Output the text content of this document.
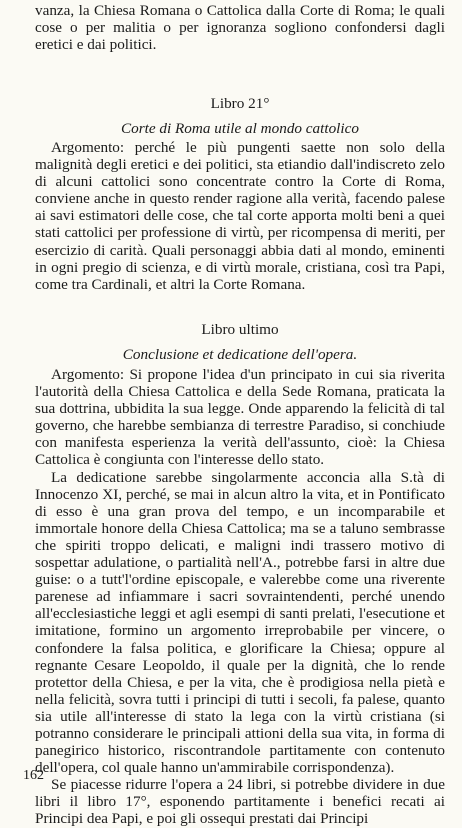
vanza, la Chiesa Romana o Cattolica dalla Corte di Roma; le quali cose o per malitia o per ignoranza sogliono confondersi dagli eretici e dai politici.

Libro 21°
Corte di Roma utile al mondo cattolico

Argomento: perché le più pungenti saette non solo della malignità degli eretici e dei politici, sta etiandio dall'indiscreto zelo di alcuni cattolici sono concentrate contro la Corte di Roma, conviene anche in questo render ragione alla verità, facendo palese ai savi estimatori delle cose, che tal corte apporta molti beni a quei stati cattolici per professione di virtù, per ricompensa di meriti, per esercizio di carità. Quali personaggi abbia dati al mondo, eminenti in ogni pregio di scienza, e di virtù morale, cristiana, così tra Papi, come tra Cardinali, et altri la Corte Romana.

Libro ultimo
Conclusione et dedicatione dell'opera.

Argomento: Si propone l'idea d'un principato in cui sia riverita l'autorità della Chiesa Cattolica e della Sede Romana, praticata la sua dottrina, ubbidita la sua legge. Onde apparendo la felicità di tal governo, che harebbe sembianza di terrestre Paradiso, si conchiude con manifesta esperienza la verità dell'assunto, cioè: la Chiesa Cattolica è congiunta con l'interesse dello stato.

La dedicatione sarebbe singolarmente acconcia alla S.tà di Innocenzo XI, perché, se mai in alcun altro la vita, et in Pontificato di esso è una gran prova del tempo, e un incomparabile et immortale honore della Chiesa Cattolica; ma se a taluno sembrasse che spiriti troppo delicati, e maligni indi trassero motivo di sospettar adulatione, o partialità nell'A., potrebbe farsi in altre due guise: o a tutt'l'ordine episcopale, e valerebbe come una riverente parenese ad infiammare i sacri sovraintendenti, perché unendo all'ecclesiastiche leggi et agli esempi di santi prelati, l'esecutione et imitatione, formino un argomento irreprobabile per vincere, o confondere la falsa politica, e glorificare la Chiesa; oppure al regnante Cesare Leopoldo, il quale per la dignità, che lo rende protettor della Chiesa, e per la vita, che è prodigiosa nella pietà e nella felicità, sovra tutti i principi di tutti i secoli, fa palese, quanto sia utile all'interesse di stato la lega con la virtù cristiana (si potranno considerare le principali attioni della sua vita, in forma di panegirico historico, riscontrandole partitamente con contenuto dell'opera, col quale hanno un'ammirabile corrispondenza).

Se piacesse ridurre l'opera a 24 libri, si potrebbe dividere in due libri il libro 17°, esponendo partitamente i benefici recati ai Principi dea Papi, e poi gli ossequi prestati dai Principi

162
